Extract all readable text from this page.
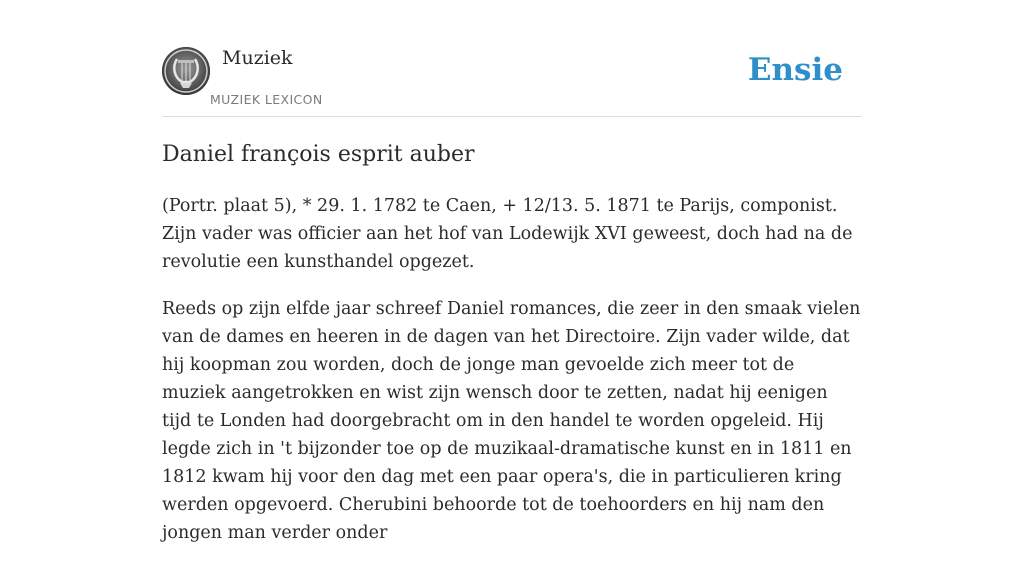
Muziek
MUZIEK LEXICON
Ensie
Daniel françois esprit auber

(Portr. plaat 5), * 29. 1. 1782 te Caen, + 12/13. 5. 1871 te Parijs, componist. Zijn vader was officier aan het hof van Lodewijk XVI geweest, doch had na de revolutie een kunsthandel opgezet.

Reeds op zijn elfde jaar schreef Daniel romances, die zeer in den smaak vielen van de dames en heeren in de dagen van het Directoire. Zijn vader wilde, dat hij koopman zou worden, doch de jonge man gevoelde zich meer tot de muziek aangetrokken en wist zijn wensch door te zetten, nadat hij eenigen tijd te Londen had doorgebracht om in den handel te worden opgeleid. Hij legde zich in 't bijzonder toe op de muzikaal-dramatische kunst en in 1811 en 1812 kwam hij voor den dag met een paar opera's, die in particulieren kring werden opgevoerd. Cherubini behoorde tot de toehoorders en hij nam den jongen man verder onder
